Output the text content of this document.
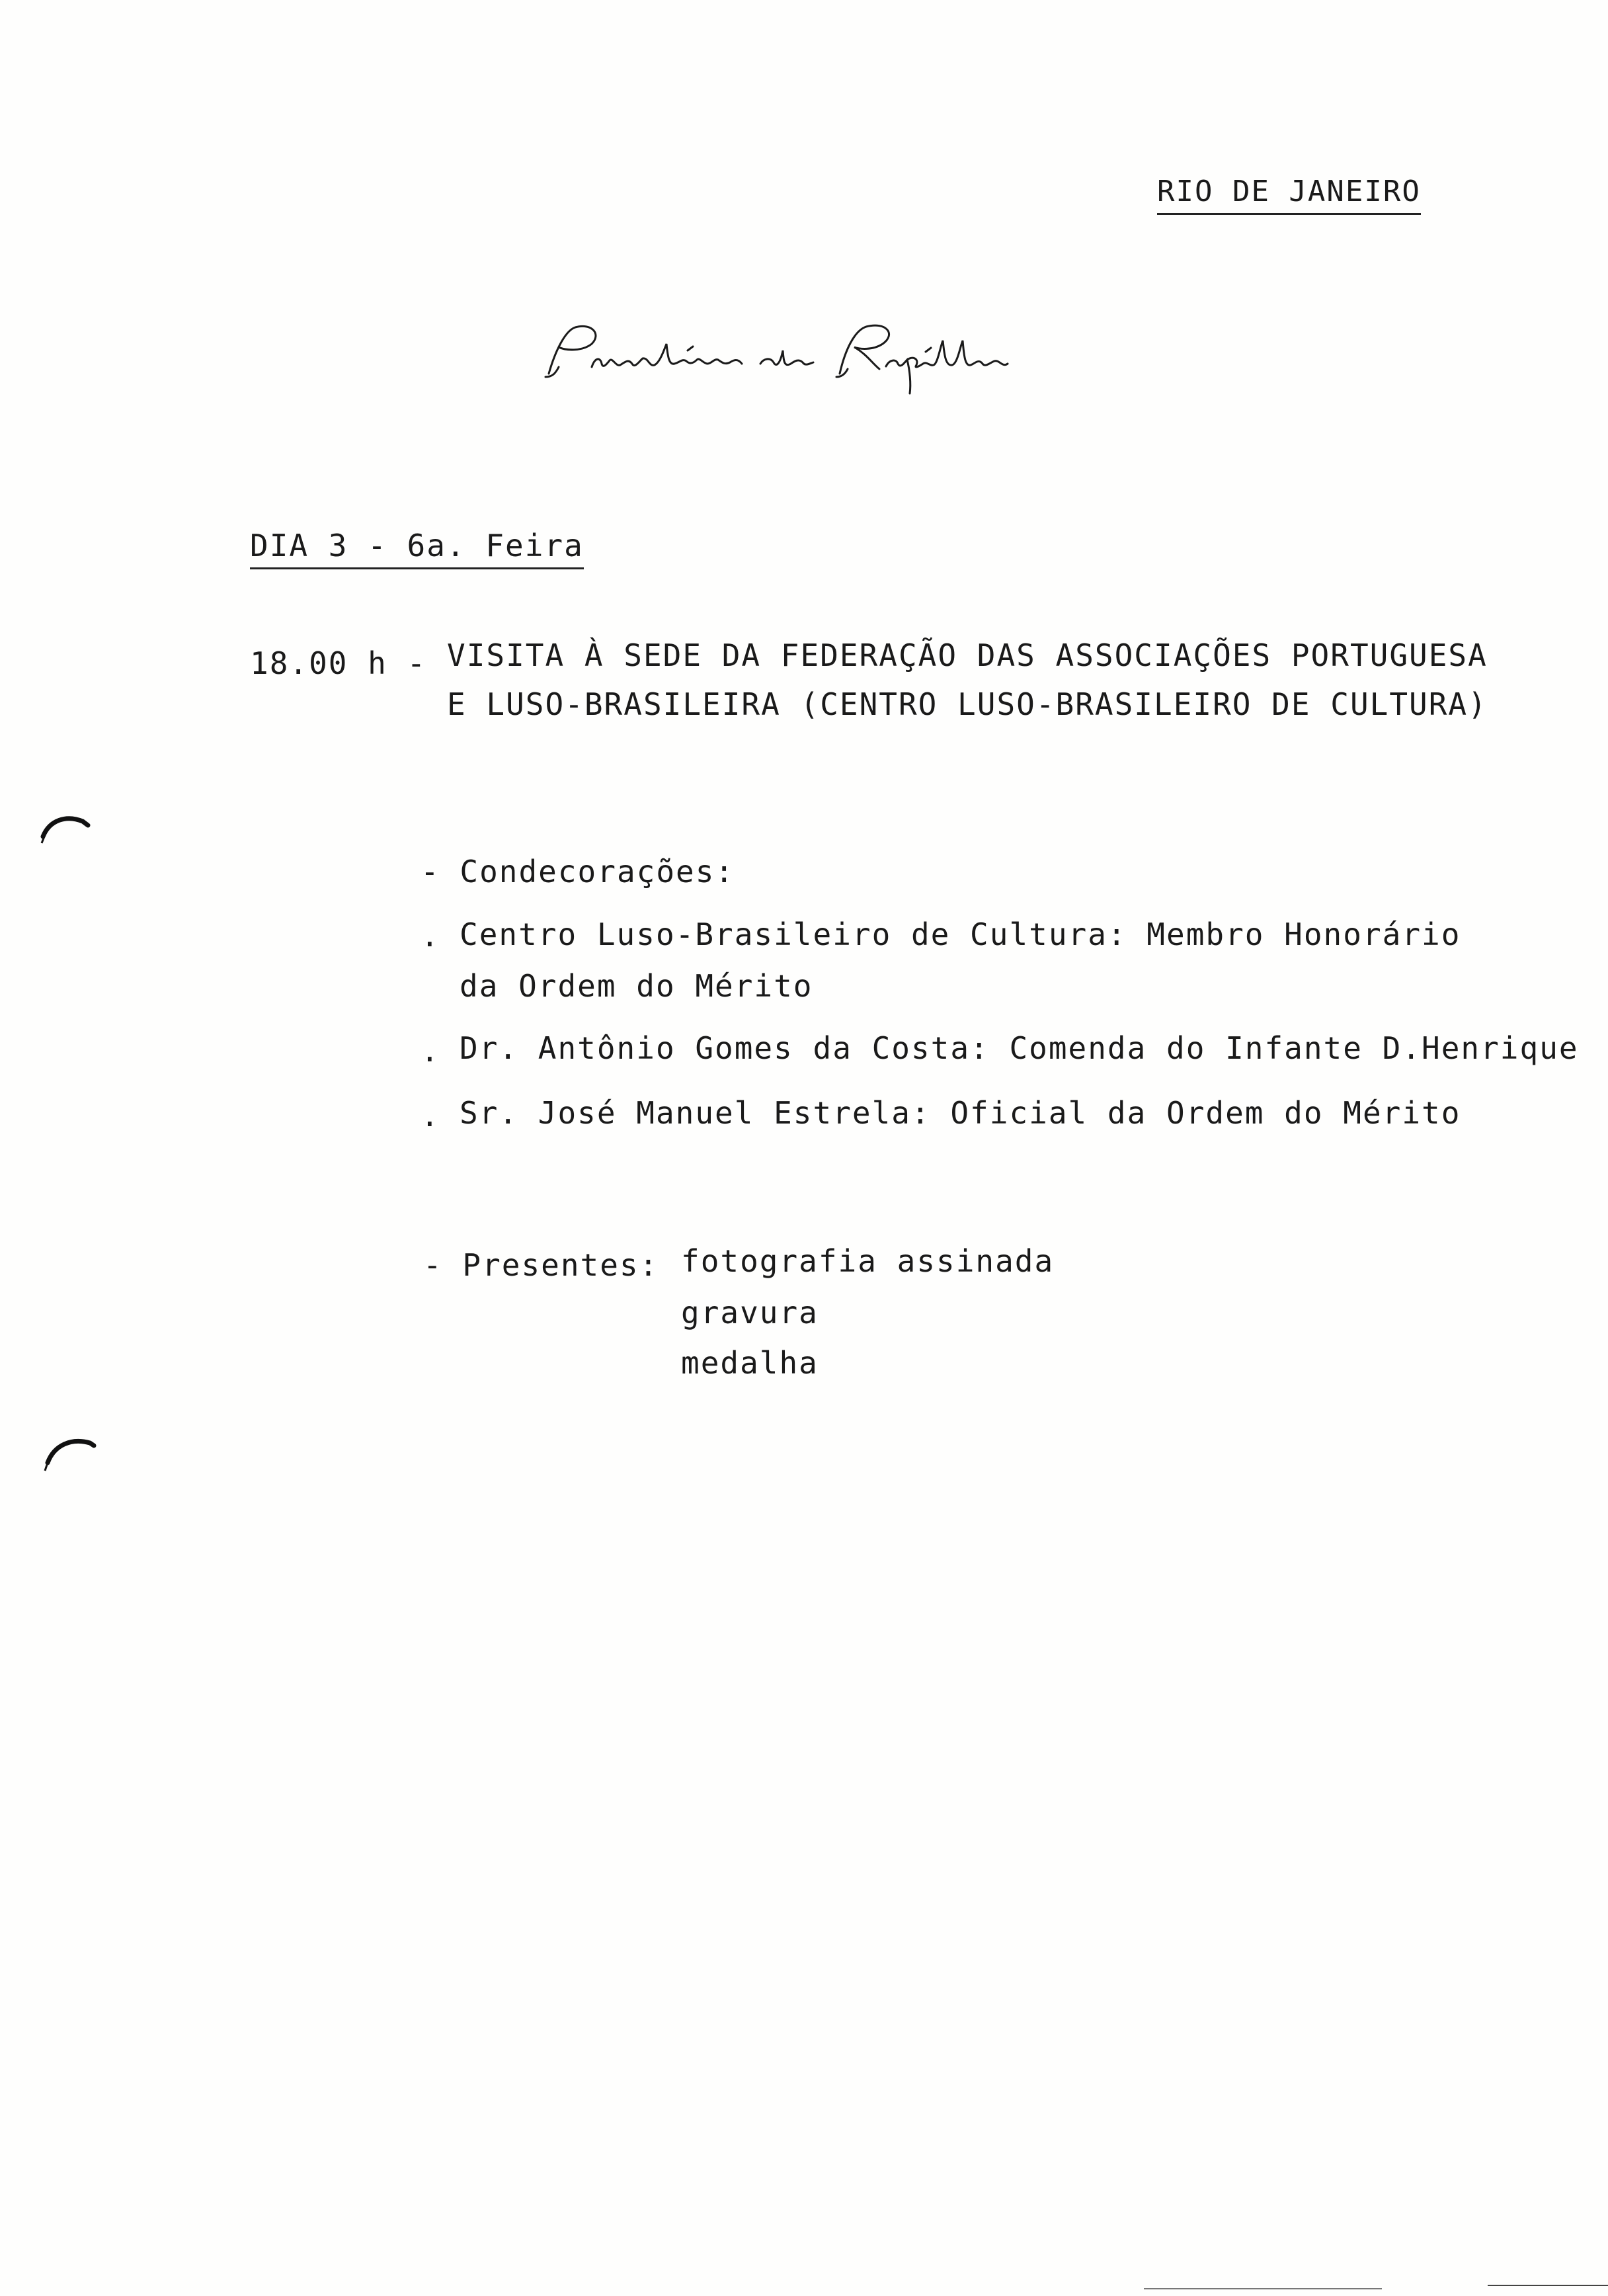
RIO DE JANEIRO
DIA 3 - 6a. Feira
18.00 h - VISITA À SEDE DA FEDERAÇÃO DAS ASSOCIAÇÕES PORTUGUESA
E LUSO-BRASILEIRA (CENTRO LUSO-BRASILEIRO DE CULTURA)
- Condecorações:
. Centro Luso-Brasileiro de Cultura: Membro Honorário
da Ordem do Mérito
. Dr. Antônio Gomes da Costa: Comenda do Infante D.Henrique
. Sr. José Manuel Estrela: Oficial da Ordem do Mérito
- Presentes: fotografia assinada
gravura
medalha
